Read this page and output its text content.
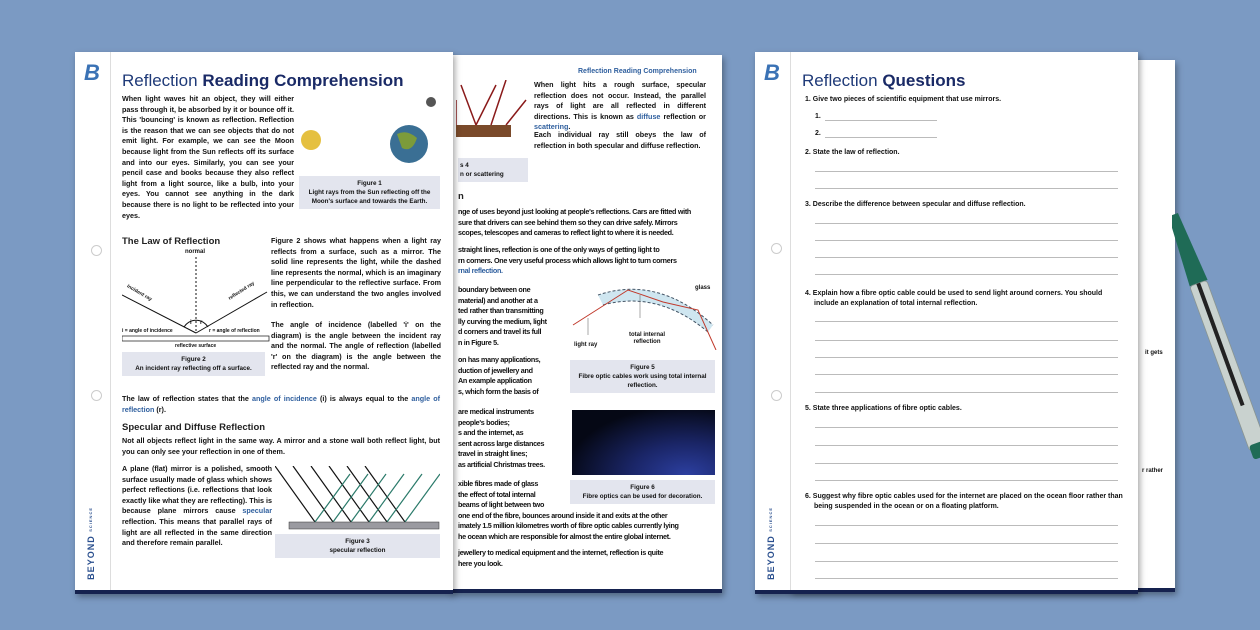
Reflection Reading Comprehension
s 4
n or scattering
When light hits a rough surface, specular reflection does not occur. Instead, the parallel rays of light are all reflected in different directions. This is known as diffuse reflection or scattering.
Each individual ray still obeys the law of reflection in both specular and diffuse reflection.
n
nge of uses beyond just looking at people's reflections. Cars are fitted with
sure that drivers can see behind them so they can drive safely. Mirrors
scopes, telescopes and cameras to reflect light to where it is needed.
straight lines, reflection is one of the only ways of getting light to
rn corners. One very useful process which allows light to turn corners
rnal reflection.
boundary between one
material) and another at a
ted rather than transmitting
lly curving the medium, light
d corners and travel its full
n in Figure 5.
on has many applications,
duction of jewellery and
An example application
s, which form the basis of
are medical instruments
people's bodies;
s and the internet, as
sent across large distances
travel in straight lines;
as artificial Christmas trees.
xible fibres made of glass
the effect of total internal
beams of light between two
one end of the fibre, bounces around inside it and exits at the other
imately 1.5 million kilometres worth of fibre optic cables currently lying
he ocean which are responsible for almost the entire global internet.
jewellery to medical equipment and the internet, reflection is quite
here you look.
glass
light ray
total internal reflection
Figure 5
Fibre optic cables work using total internal reflection.
Figure 6
Fibre optics can be used for decoration.
B
BEYOND SCIENCE
Reflection Reading Comprehension
When light waves hit an object, they will either pass through it, be absorbed by it or bounce off it. This 'bouncing' is known as reflection. Reflection is the reason that we can see objects that do not emit light. For example, we can see the Moon because light from the Sun reflects off its surface and into our eyes. Similarly, you can see your pencil case and books because they also reflect light from a light source, like a bulb, into your eyes. You cannot see anything in the dark because there is no light to be reflected into your eyes.
Figure 1
Light rays from the Sun reflecting off the Moon's surface and towards the Earth.
The Law of Reflection
normal
i r
incident ray	reflected ray
i = angle of incidence	r = angle of reflection
reflective surface
Figure 2
An incident ray reflecting off a surface.
Figure 2 shows what happens when a light ray reflects from a surface, such as a mirror. The solid line represents the light, while the dashed line represents the normal, which is an imaginary line perpendicular to the reflective surface. From this, we can understand the two angles involved in reflection.
The angle of incidence (labelled 'i' on the diagram) is the angle between the incident ray and the normal. The angle of reflection (labelled 'r' on the diagram) is the angle between the reflected ray and the normal.
The law of reflection states that the angle of incidence (i) is always equal to the angle of reflection (r).
Specular and Diffuse Reflection
Not all objects reflect light in the same way. A mirror and a stone wall both reflect light, but you can only see your reflection in one of them.
A plane (flat) mirror is a polished, smooth surface usually made of glass which shows perfect reflections (i.e. reflections that look exactly like what they are reflecting). This is because plane mirrors cause specular reflection. This means that parallel rays of light are all reflected in the same direction and therefore remain parallel.	Figure 3
specular reflection
it gets
r rather
B
BEYOND SCIENCE
Reflection Questions
1. Give two pieces of scientific equipment that use mirrors.
1.
2.
2. State the law of reflection.
3. Describe the difference between specular and diffuse reflection.
4. Explain how a fibre optic cable could be used to send light around corners. You should include an explanation of total internal reflection.
5. State three applications of fibre optic cables.
6. Suggest why fibre optic cables used for the internet are placed on the ocean floor rather than being suspended in the ocean or on a floating platform.
